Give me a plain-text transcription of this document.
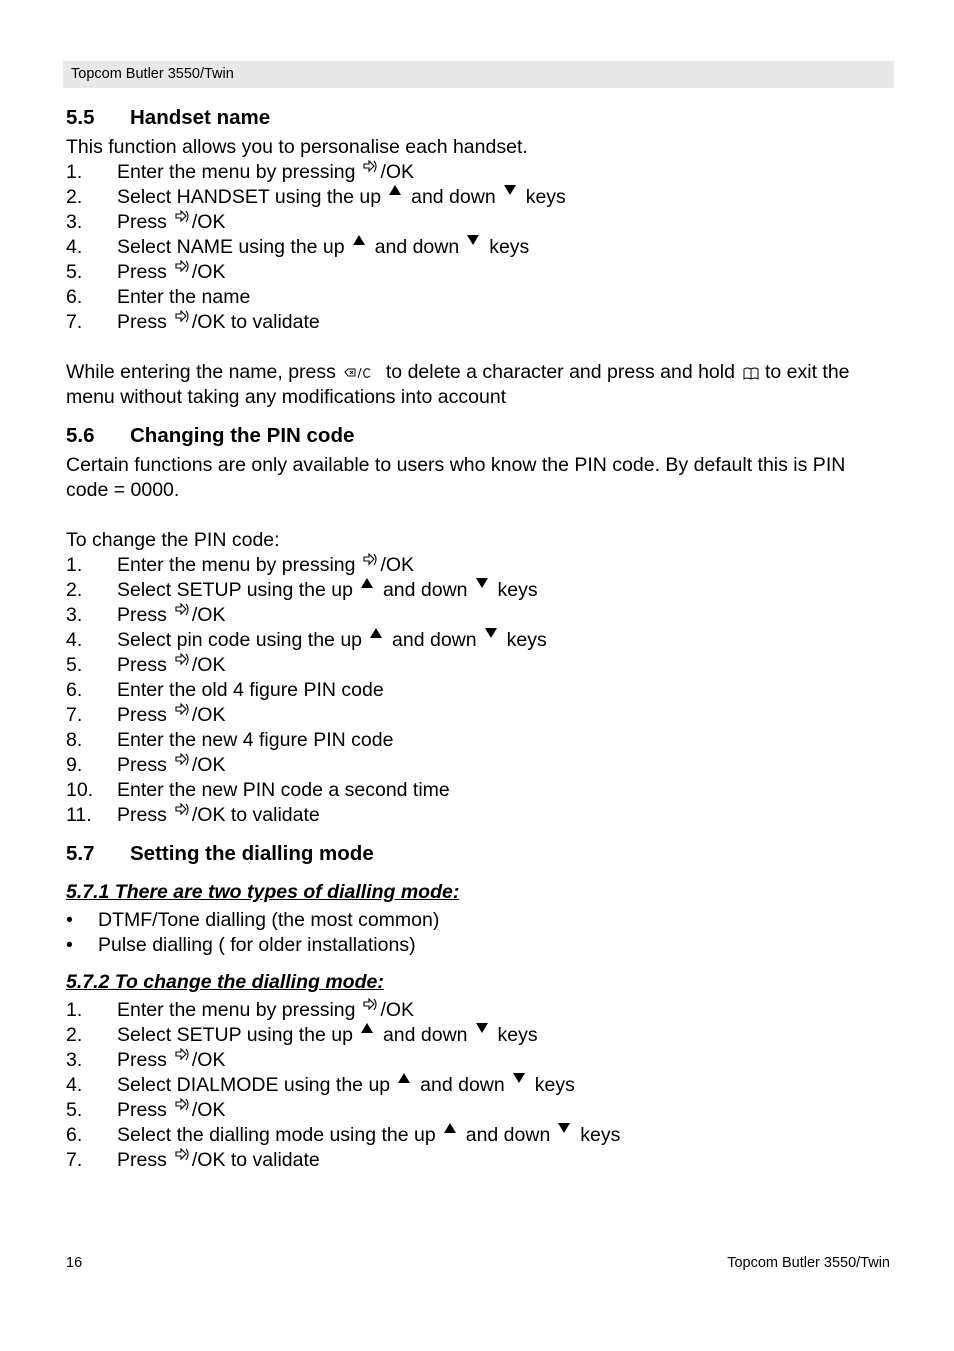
Topcom Butler 3550/Twin
5.5	Handset name
This function allows you to personalise each handset.
1.	Enter the menu by pressing /OK
2.	Select HANDSET using the up and down keys
3.	Press /OK
4.	Select NAME using the up and down keys
5.	Press /OK
6.	Enter the name
7.	Press /OK to validate
While entering the name, press	to delete a character and press and hold to exit the menu without taking any modifications into account
5.6	Changing the PIN code
Certain functions are only available to users who know the PIN code. By default this is PIN code = 0000.
To change the PIN code:
1.	Enter the menu by pressing /OK
2.	Select SETUP using the up and down keys
3.	Press /OK
4.	Select pin code using the up and down keys
5.	Press /OK
6.	Enter the old 4 figure PIN code
7.	Press /OK
8.	Enter the new 4 figure PIN code
9.	Press /OK
10.	Enter the new PIN code a second time
11.	Press /OK to validate
5.7	Setting the dialling mode
5.7.1 There are two types of dialling mode:
•	DTMF/Tone dialling (the most common)
•	Pulse dialling ( for older installations)
5.7.2 To change the dialling mode:
1.	Enter the menu by pressing /OK
2.	Select SETUP using the up and down keys
3.	Press /OK
4.	Select DIALMODE using the up and down keys
5.	Press /OK
6.	Select the dialling mode using the up and down keys
7.	Press /OK to validate
16	Topcom Butler 3550/Twin
